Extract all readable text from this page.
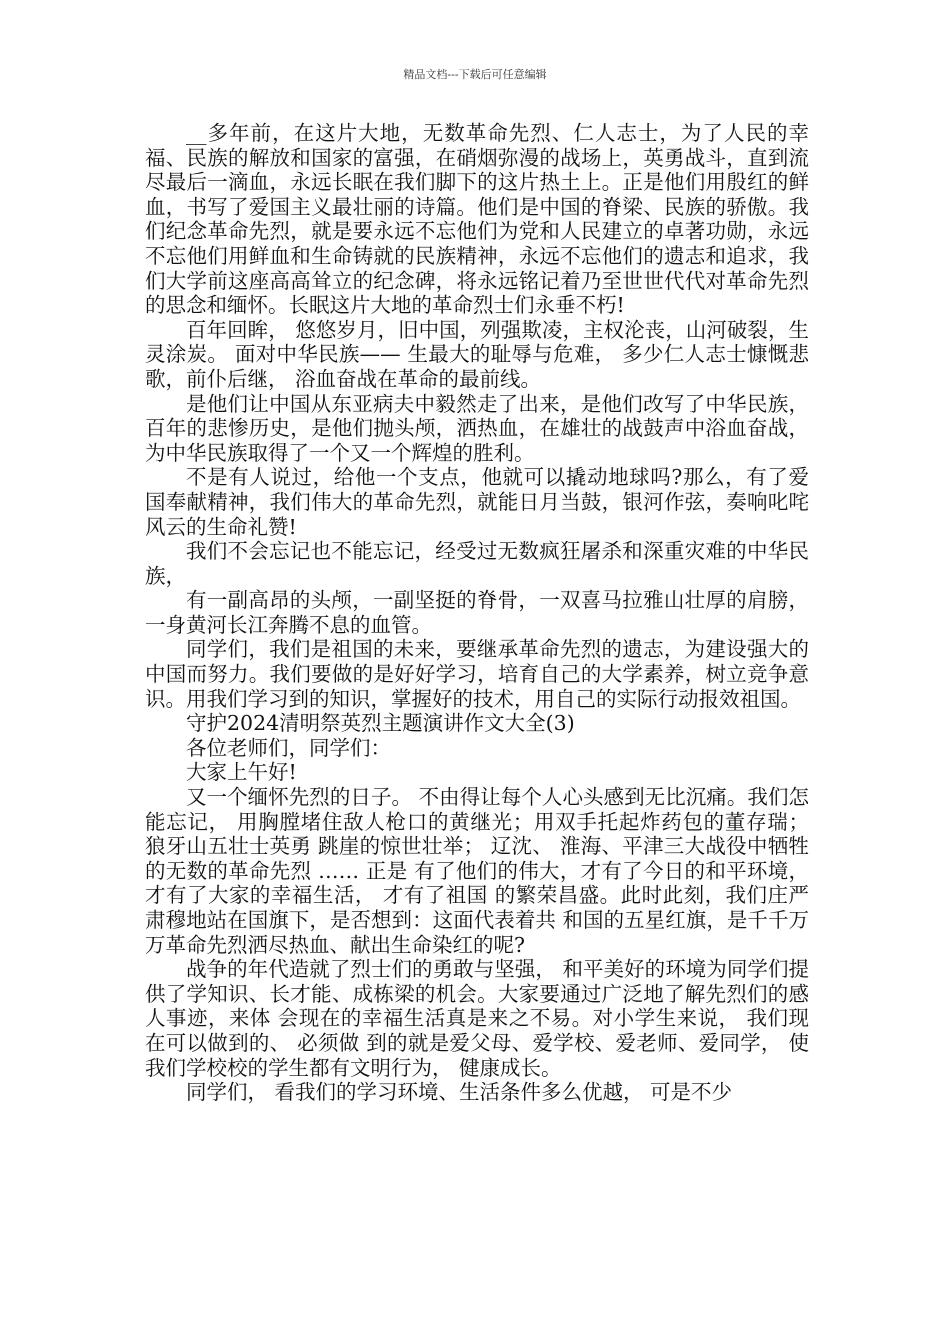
精品文档---下载后可任意编辑

__多年前，在这片大地，无数革命先烈、仁人志士，为了人民的幸福、民族的解放和国家的富强，在硝烟弥漫的战场上，英勇战斗，直到流尽最后一滴血，永远长眠在我们脚下的这片热土上。正是他们用殷红的鲜血，书写了爱国主义最壮丽的诗篇。他们是中国的脊梁、民族的骄傲。我们纪念革命先烈，就是要永远不忘他们为党和人民建立的卓著功勋，永远不忘他们用鲜血和生命铸就的民族精神，永远不忘他们的遗志和追求，我们大学前这座高高耸立的纪念碑，将永远铭记着乃至世世代代对革命先烈的思念和缅怀。长眠这片大地的革命烈士们永垂不朽!

百年回眸， 悠悠岁月，旧中国，列强欺凌，主权沦丧，山河破裂，生灵涂炭。 面对中华民族—— 生最大的耻辱与危难， 多少仁人志士慷慨悲歌，前仆后继， 浴血奋战在革命的最前线。

是他们让中国从东亚病夫中毅然走了出来，是他们改写了中华民族，百年的悲惨历史，是他们抛头颅，洒热血，在雄壮的战鼓声中浴血奋战，为中华民族取得了一个又一个辉煌的胜利。

不是有人说过，给他一个支点，他就可以撬动地球吗?那么，有了爱国奉献精神，我们伟大的革命先烈，就能日月当鼓，银河作弦，奏响叱咤风云的生命礼赞!

我们不会忘记也不能忘记，经受过无数疯狂屠杀和深重灾难的中华民族，

有一副高昂的头颅，一副坚挺的脊骨，一双喜马拉雅山壮厚的肩膀，一身黄河长江奔腾不息的血管。

同学们，我们是祖国的未来，要继承革命先烈的遗志，为建设强大的中国而努力。我们要做的是好好学习，培育自己的大学素养，树立竞争意识。用我们学习到的知识，掌握好的技术，用自己的实际行动报效祖国。

守护2024清明祭英烈主题演讲作文大全(3)

各位老师们，同学们：

大家上午好!

又一个缅怀先烈的日子。 不由得让每个人心头感到无比沉痛。我们怎能忘记， 用胸膛堵住敌人枪口的黄继光；用双手托起炸药包的董存瑞； 狼牙山五壮士英勇 跳崖的惊世壮举； 辽沈、 淮海、平津三大战役中牺牲的无数的革命先烈 …… 正是 有了他们的伟大，才有了今日的和平环境， 才有了大家的幸福生活， 才有了祖国 的繁荣昌盛。此时此刻，我们庄严肃穆地站在国旗下，是否想到：这面代表着共 和国的五星红旗，是千千万万革命先烈洒尽热血、献出生命染红的呢?

战争的年代造就了烈士们的勇敢与坚强， 和平美好的环境为同学们提供了学知识、长才能、成栋梁的机会。大家要通过广泛地了解先烈们的感人事迹，来体 会现在的幸福生活真是来之不易。对小学生来说， 我们现在可以做到的、 必须做 到的就是爱父母、爱学校、爱老师、爱同学， 使我们学校校的学生都有文明行为， 健康成长。

同学们， 看我们的学习环境、生活条件多么优越， 可是不少
